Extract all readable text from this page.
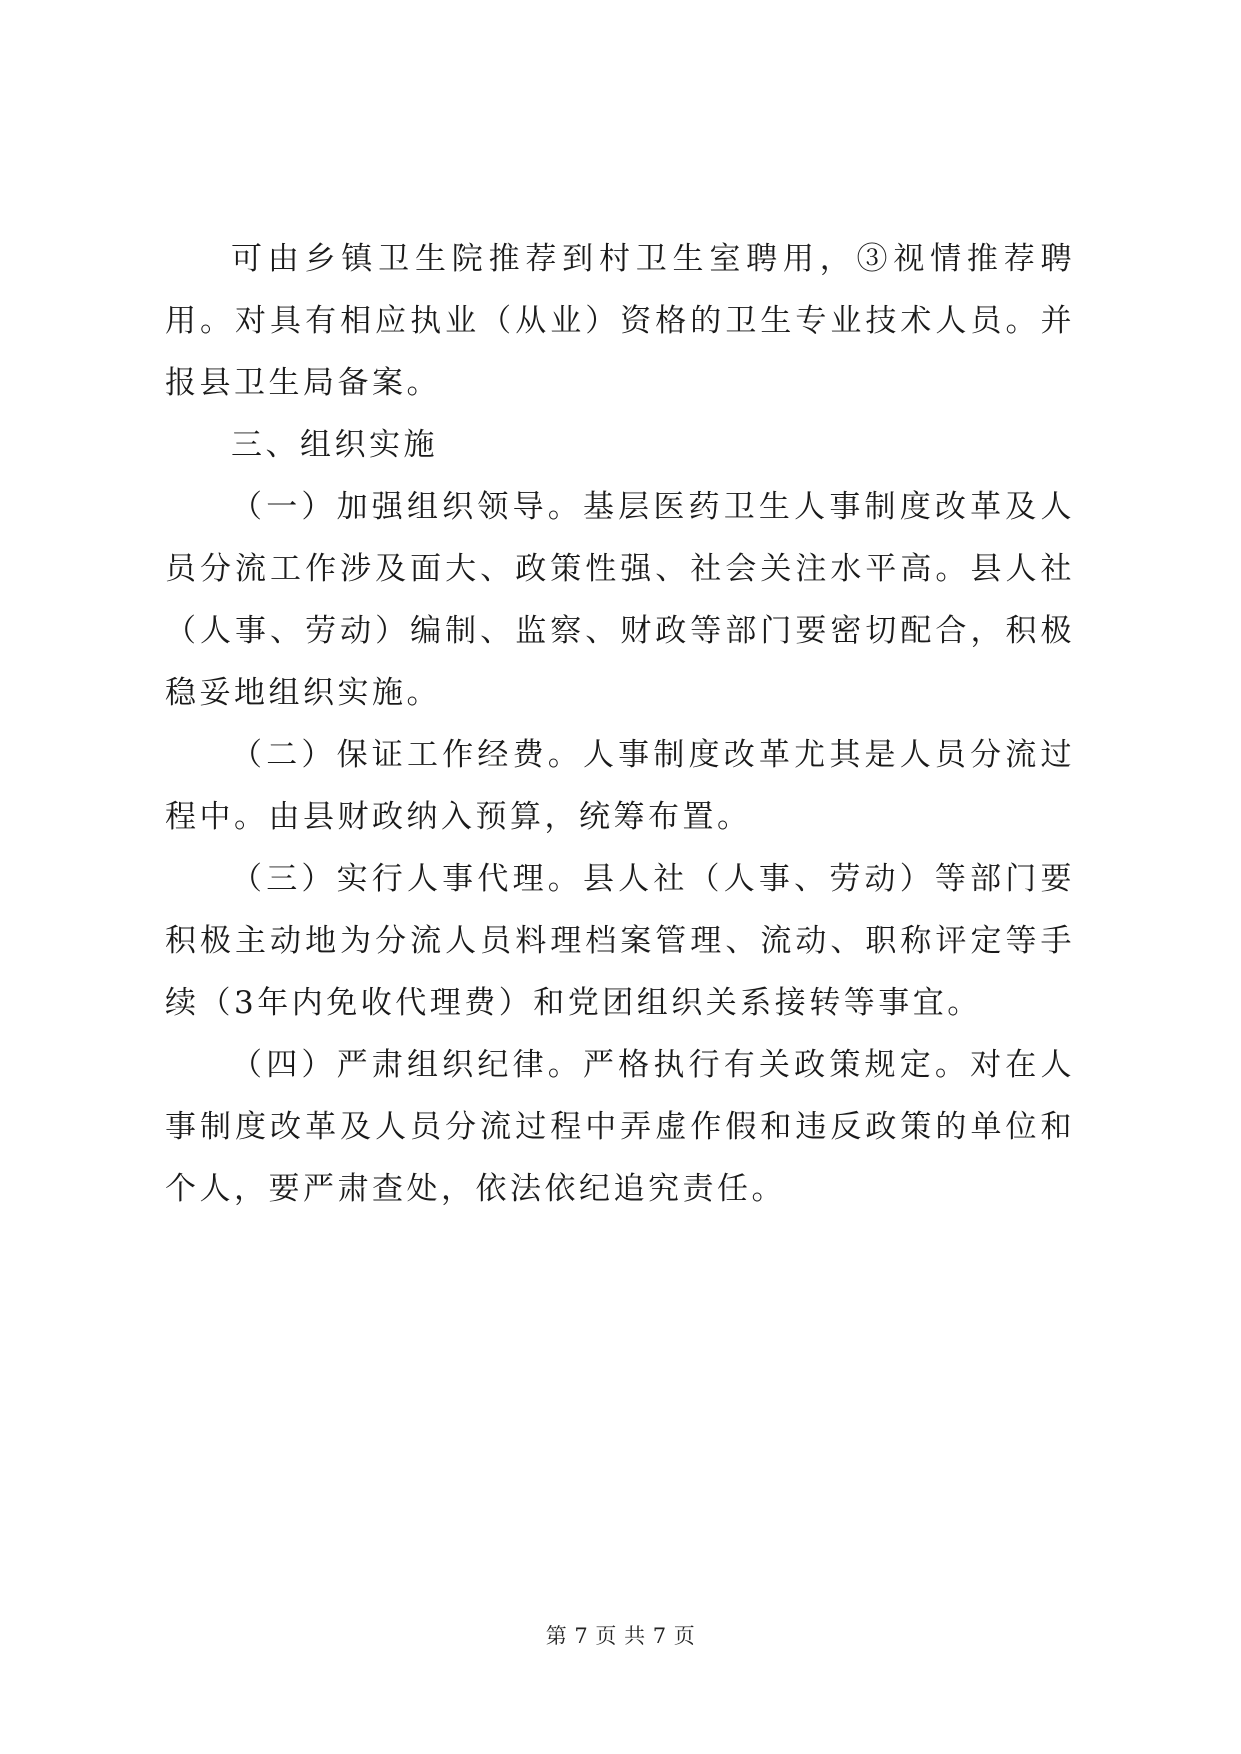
可由乡镇卫生院推荐到村卫生室聘用，③视情推荐聘用。对具有相应执业（从业）资格的卫生专业技术人员。并报县卫生局备案。

三、组织实施

（一）加强组织领导。基层医药卫生人事制度改革及人员分流工作涉及面大、政策性强、社会关注水平高。县人社（人事、劳动）编制、监察、财政等部门要密切配合，积极稳妥地组织实施。

（二）保证工作经费。人事制度改革尤其是人员分流过程中。由县财政纳入预算，统筹布置。

（三）实行人事代理。县人社（人事、劳动）等部门要积极主动地为分流人员料理档案管理、流动、职称评定等手续（3年内免收代理费）和党团组织关系接转等事宜。

（四）严肃组织纪律。严格执行有关政策规定。对在人事制度改革及人员分流过程中弄虚作假和违反政策的单位和个人，要严肃查处，依法依纪追究责任。

第 7 页 共 7 页
